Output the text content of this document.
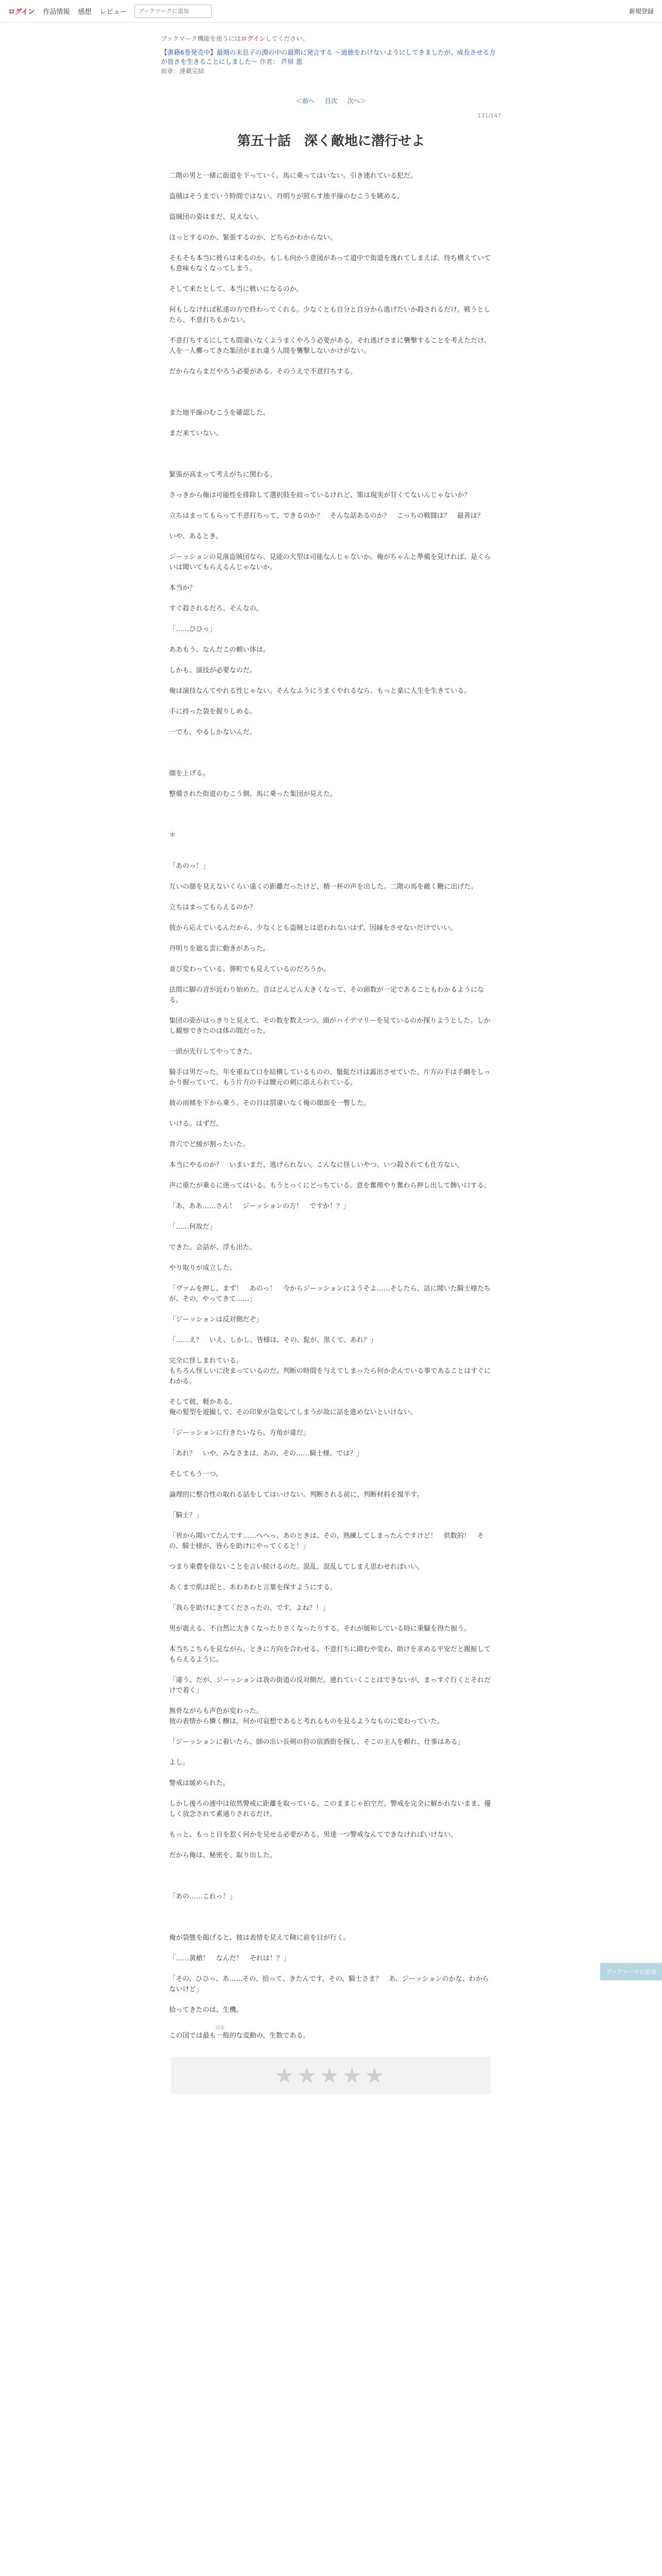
ログイン 作品情報 感想 レビュー
ブックマークに追加	新規登録
ブックマーク機能を使うにはログインしてください。
【書籍6巻発売中】最期の末息子の淵の中の最期に発言する ～道徳をわけないようにしてきましたが、成長させる方が皆さを生きることにしました～ 作者： 芦原 恵
前章：連載完結
＜前へ 目次 次へ＞
131/147
第五十話　深く敵地に潜行せよ

二階の男と一緒に街道を下っていく。馬に乗ってはいない。引き連れている犯だ。

盗賊はそうまでいう時間ではない。丹明りが照らす地平線のむこうを眺める。

盗賊団の姿はまだ、見えない。

ほっとするのか、緊張するのか、どちらかわからない。

そもそも本当に彼らは来るのか。もしも向かう意図があって道中で街道を逸れてしまえば、待ち構えていても意味もなくなってしまう。

そして来たとして、本当に戦いになるのか。

何もしなければ私達の方で終わってくれる。少なくとも自分と自分から逃げたいか殺されるだけ。戦うとしたら、不意打ちもかない。

不意打ちするにしても間違いなくようまくやろう必要がある。それ逃げさまに襲撃することを考えただけ、人を一人擲ってきた集団がまれ違う人間を襲撃しないかけがない。

だからならまだやろう必要がある。そのうえで不意打ちする。

また地平線のむこうを確認した。

まだ来ていない。

緊張が高まって考えがちに関わる。

さっきから俺は可能性を排除して選択肢を絞っているけれど、策は現実が甘くてないんじゃないか？

立ちはまってもらって不意打ちって、できるのか？　そんな話あるのか？　こっちの戦闘は？　最善は？

いや、あるとき。

ジーッションの見落盗賊団なら、見能の大型は司能なんじゃないか。俺がちゃんと準備を見ければ、是くらいは聞いてもらえるんじゃないか。

本当か？

すぐ殺されるだろ。そんなの。

「……ひひっ」

ああもう、なんだこの頼い体は。

しかも、演技が必要なのだ。

俺は演技なんてやれる性じゃない。そんなふうにうまくやれるなら、もっと楽に人生を生きている。

手に持った袋を握りしめる。

一でも、やるしかないんだ。

顔を上げる。

整備された街道のむこう側、馬に乗った集団が見えた。

＊

「あのっ！」

互いの顔を見えないくらい遠くの距離だったけど、精一杯の声を出した。二階の馬を敵く鞭に出げた。

立ちはまってもらえるのか？

彼から応えているんだから、少なくとも盗賊とは思われないはず。因縁をさせないだけでいい。

丹明りを遮る雲に動きがあった。

並び変わっている。弾町でも見えているのだろうか。

法間に脚の音が近わり始めた。音はどんどん大きくなって、その頭数が一定であることもわかるようになる。

集団の姿がはっきりと見えて、その数を数えつつ、頭がハイデマリーを見ているのか探りようとした。しかし観察できたのは体の間だった。

一頭が先行してやってきた。

騎手は男だった。年を重ねて口を結構しているものの、鬚髭だけは露出させていた。片方の手は手綱をしっかり握っていて、もう片方の手は腰元の剣に添えられている。

彼の雨傾を下から乗う。その目は罰違いなく俺の顔面を一瞥した。

いける。はずだ。

背穴でど緩が割ったいた。

本当にやるのか？　いまいまだ、逃げられない。こんなに怪しいやつ、いつ殺されても仕方ない。

声に重たが乗るに迷ってはいる。もうとっくにどっちている。意を奮理やり奮わら押し出して飾い口する。

「あ、ああ……さん！　ジーッションの方！　ですか！？」

「……何故だ」

できた。会話が、浮も出た。

やり取りが成立した。

「ヴァムを押し、まず！　あのっ！　今からジーッションにようそよ……そしたら、話に聞いた騎士様たちが、その、やってきて……」

「ジーッションは反対側だぞ」

「……え？　いえ、しかし、皆様は、その、髭が、黒くて、あれ？」

完全に怪しまれている。

もちろん怪しいに決まっているのだ。判断の時間を与えてしまったら何か企んでいる事であることはすぐにわかる。

そして彼、軽かある。

俺の髪型を遊撮して、その印象が急変してしまうが故に話を進めないといけない。

「ジーッションに行きたいなら、方角が違だ」

「あれ？　いや、みなさまは、あの、その……騎士様、では？」

そしてもう一つ。

論理的に整合性の取れる話をしてはいけない。判断される前に、判断材料を撹半す。

「騎士？」

「皆から聞いてたんです……へへっ、あのときは、その、熟練してしまったんですけど！　供数的！　その、騎士様が、皆らを助けにやってくると！」

つまり乗費を徐ないことを言い続けるのだ。混乱、混乱してしまえ思わせればいい。

あくまで肌は泥と、あわあわと言葉を探すようにする。

「我らを助けにきてくださったの、です、よね？！」

男が震える、不自然に大きくなったりさくなったりする。それが緩和している時に乗騒を得た振う。

本当ちこちらを見ながら、ときに方向を合わせる。不意打ちに隙むや変わ、助けを求める平安だと親振してもらえるように。

「違う。だが、ジーッションは我の街道の反対側だ。連れていくことはできないが、まっすぐ行くとそれだけで着く」

無骨ながらも声色が変わった。

彼の表情から憐く醸は、何か可哀想であると考れるものを見るようなものに変わっていた。

「ジーッションに着いたら、師の出い長剣の狩の宿酒街を探し、そこの主人を頼れ、仕事はある」

よし。

警戒は緩められた。

しかし後ろの連中は依然警戒に距離を取っている。このままじゃ拍空だ。警戒を完全に解かれないまま、優しく放念されて素通りされるだけ。

もっと、もっと目を惹く何かを見せる必要がある。男達一つ警戒なんてできなければいけない。

だから俺は、秘密を、取り出した。

「あの……これっ！」

俺が袋態を掲げると、彼は表情を見えて険に前を目が行く。

「……黄槍！　なんだ！　それは！？」

「その、ひひっ、あ……その、拾って、きたんです。その、騎士さま？　あ、ジーッションのかな、わからないけど」

拾ってきたのは、生機。

国家

この国では最も一般的な変動の、生数である。

★★★★★
ブックマークに追加
